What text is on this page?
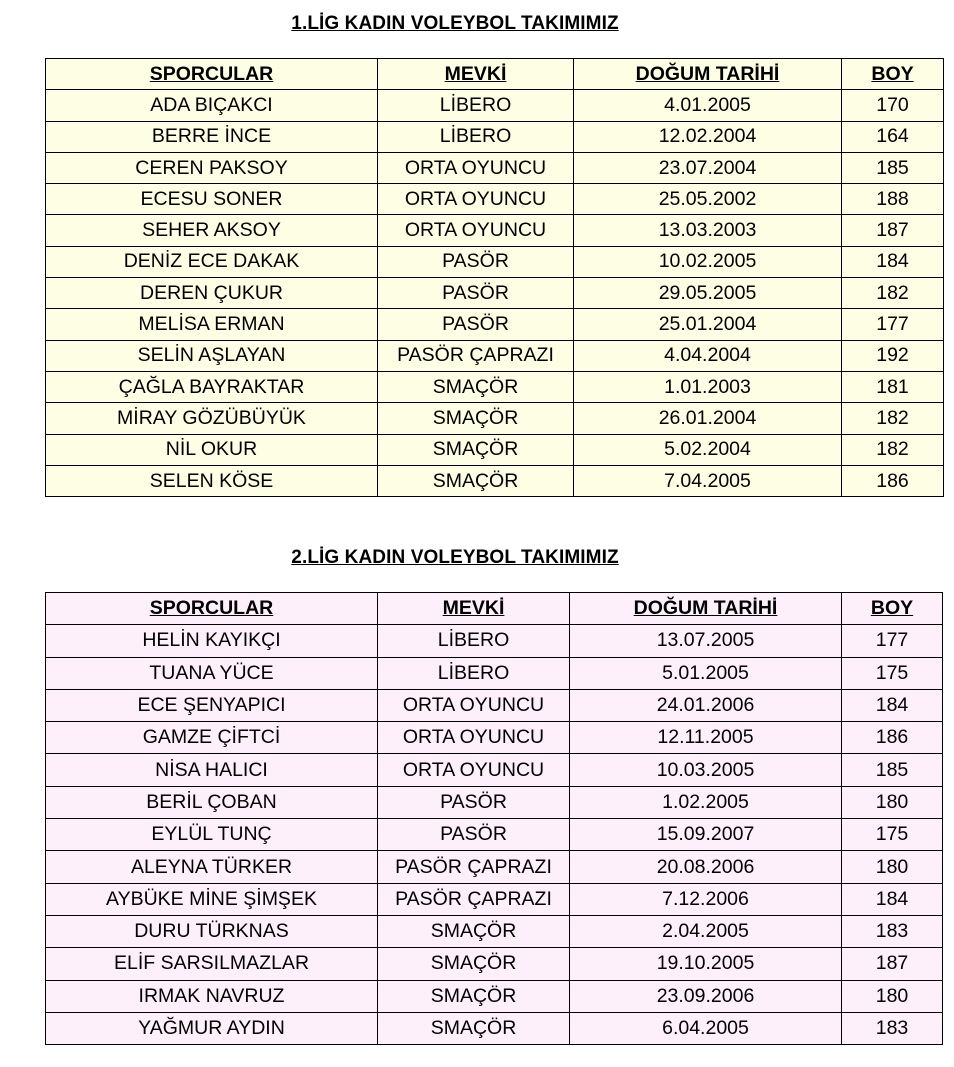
1.LİG KADIN VOLEYBOL TAKIMIMIZ
SPORCULAR	MEVKİ	DOĞUM TARİHİ	BOY
ADA BIÇAKCI	LİBERO	4.01.2005	170
BERRE İNCE	LİBERO	12.02.2004	164
CEREN PAKSOY	ORTA OYUNCU	23.07.2004	185
ECESU SONER	ORTA OYUNCU	25.05.2002	188
SEHER AKSOY	ORTA OYUNCU	13.03.2003	187
DENİZ ECE DAKAK	PASÖR	10.02.2005	184
DEREN ÇUKUR	PASÖR	29.05.2005	182
MELİSA ERMAN	PASÖR	25.01.2004	177
SELİN AŞLAYAN	PASÖR ÇAPRAZI	4.04.2004	192
ÇAĞLA BAYRAKTAR	SMAÇÖR	1.01.2003	181
MİRAY GÖZÜBÜYÜK	SMAÇÖR	26.01.2004	182
NİL OKUR	SMAÇÖR	5.02.2004	182
SELEN KÖSE	SMAÇÖR	7.04.2005	186
2.LİG KADIN VOLEYBOL TAKIMIMIZ
SPORCULAR	MEVKİ	DOĞUM TARİHİ	BOY
HELİN KAYIKÇI	LİBERO	13.07.2005	177
TUANA YÜCE	LİBERO	5.01.2005	175
ECE ŞENYAPICI	ORTA OYUNCU	24.01.2006	184
GAMZE ÇİFTCİ	ORTA OYUNCU	12.11.2005	186
NİSA HALICI	ORTA OYUNCU	10.03.2005	185
BERİL ÇOBAN	PASÖR	1.02.2005	180
EYLÜL TUNÇ	PASÖR	15.09.2007	175
ALEYNA TÜRKER	PASÖR ÇAPRAZI	20.08.2006	180
AYBÜKE MİNE ŞİMŞEK	PASÖR ÇAPRAZI	7.12.2006	184
DURU TÜRKNAS	SMAÇÖR	2.04.2005	183
ELİF SARSILMAZLAR	SMAÇÖR	19.10.2005	187
IRMAK NAVRUZ	SMAÇÖR	23.09.2006	180
YAĞMUR AYDIN	SMAÇÖR	6.04.2005	183
